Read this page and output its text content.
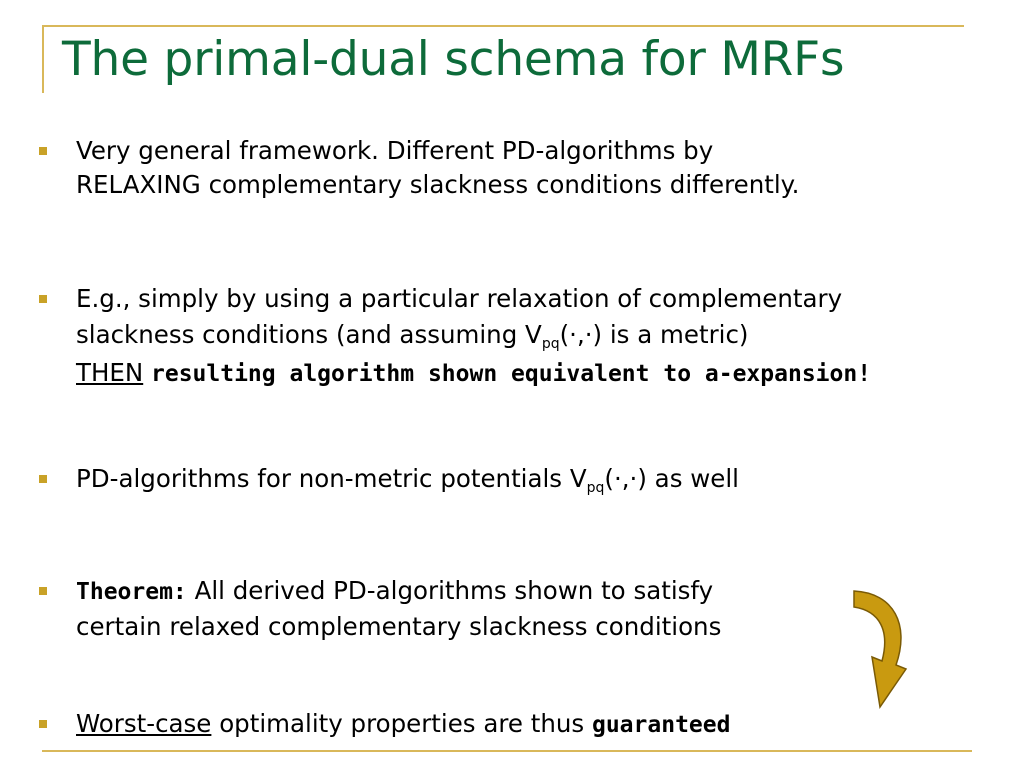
The primal-dual schema for MRFs
Very general framework. Different PD-algorithms by
RELAXING complementary slackness conditions differently.
E.g., simply by using a particular relaxation of complementary
slackness conditions (and assuming $V_{pq}(\cdot,\cdot)$ is a metric)
THEN resulting algorithm shown equivalent to a-expansion!
PD-algorithms for non-metric potentials $V_{pq}(\cdot,\cdot)$ as well
Theorem: All derived PD-algorithms shown to satisfy
certain relaxed complementary slackness conditions
Worst-case optimality properties are thus guaranteed
